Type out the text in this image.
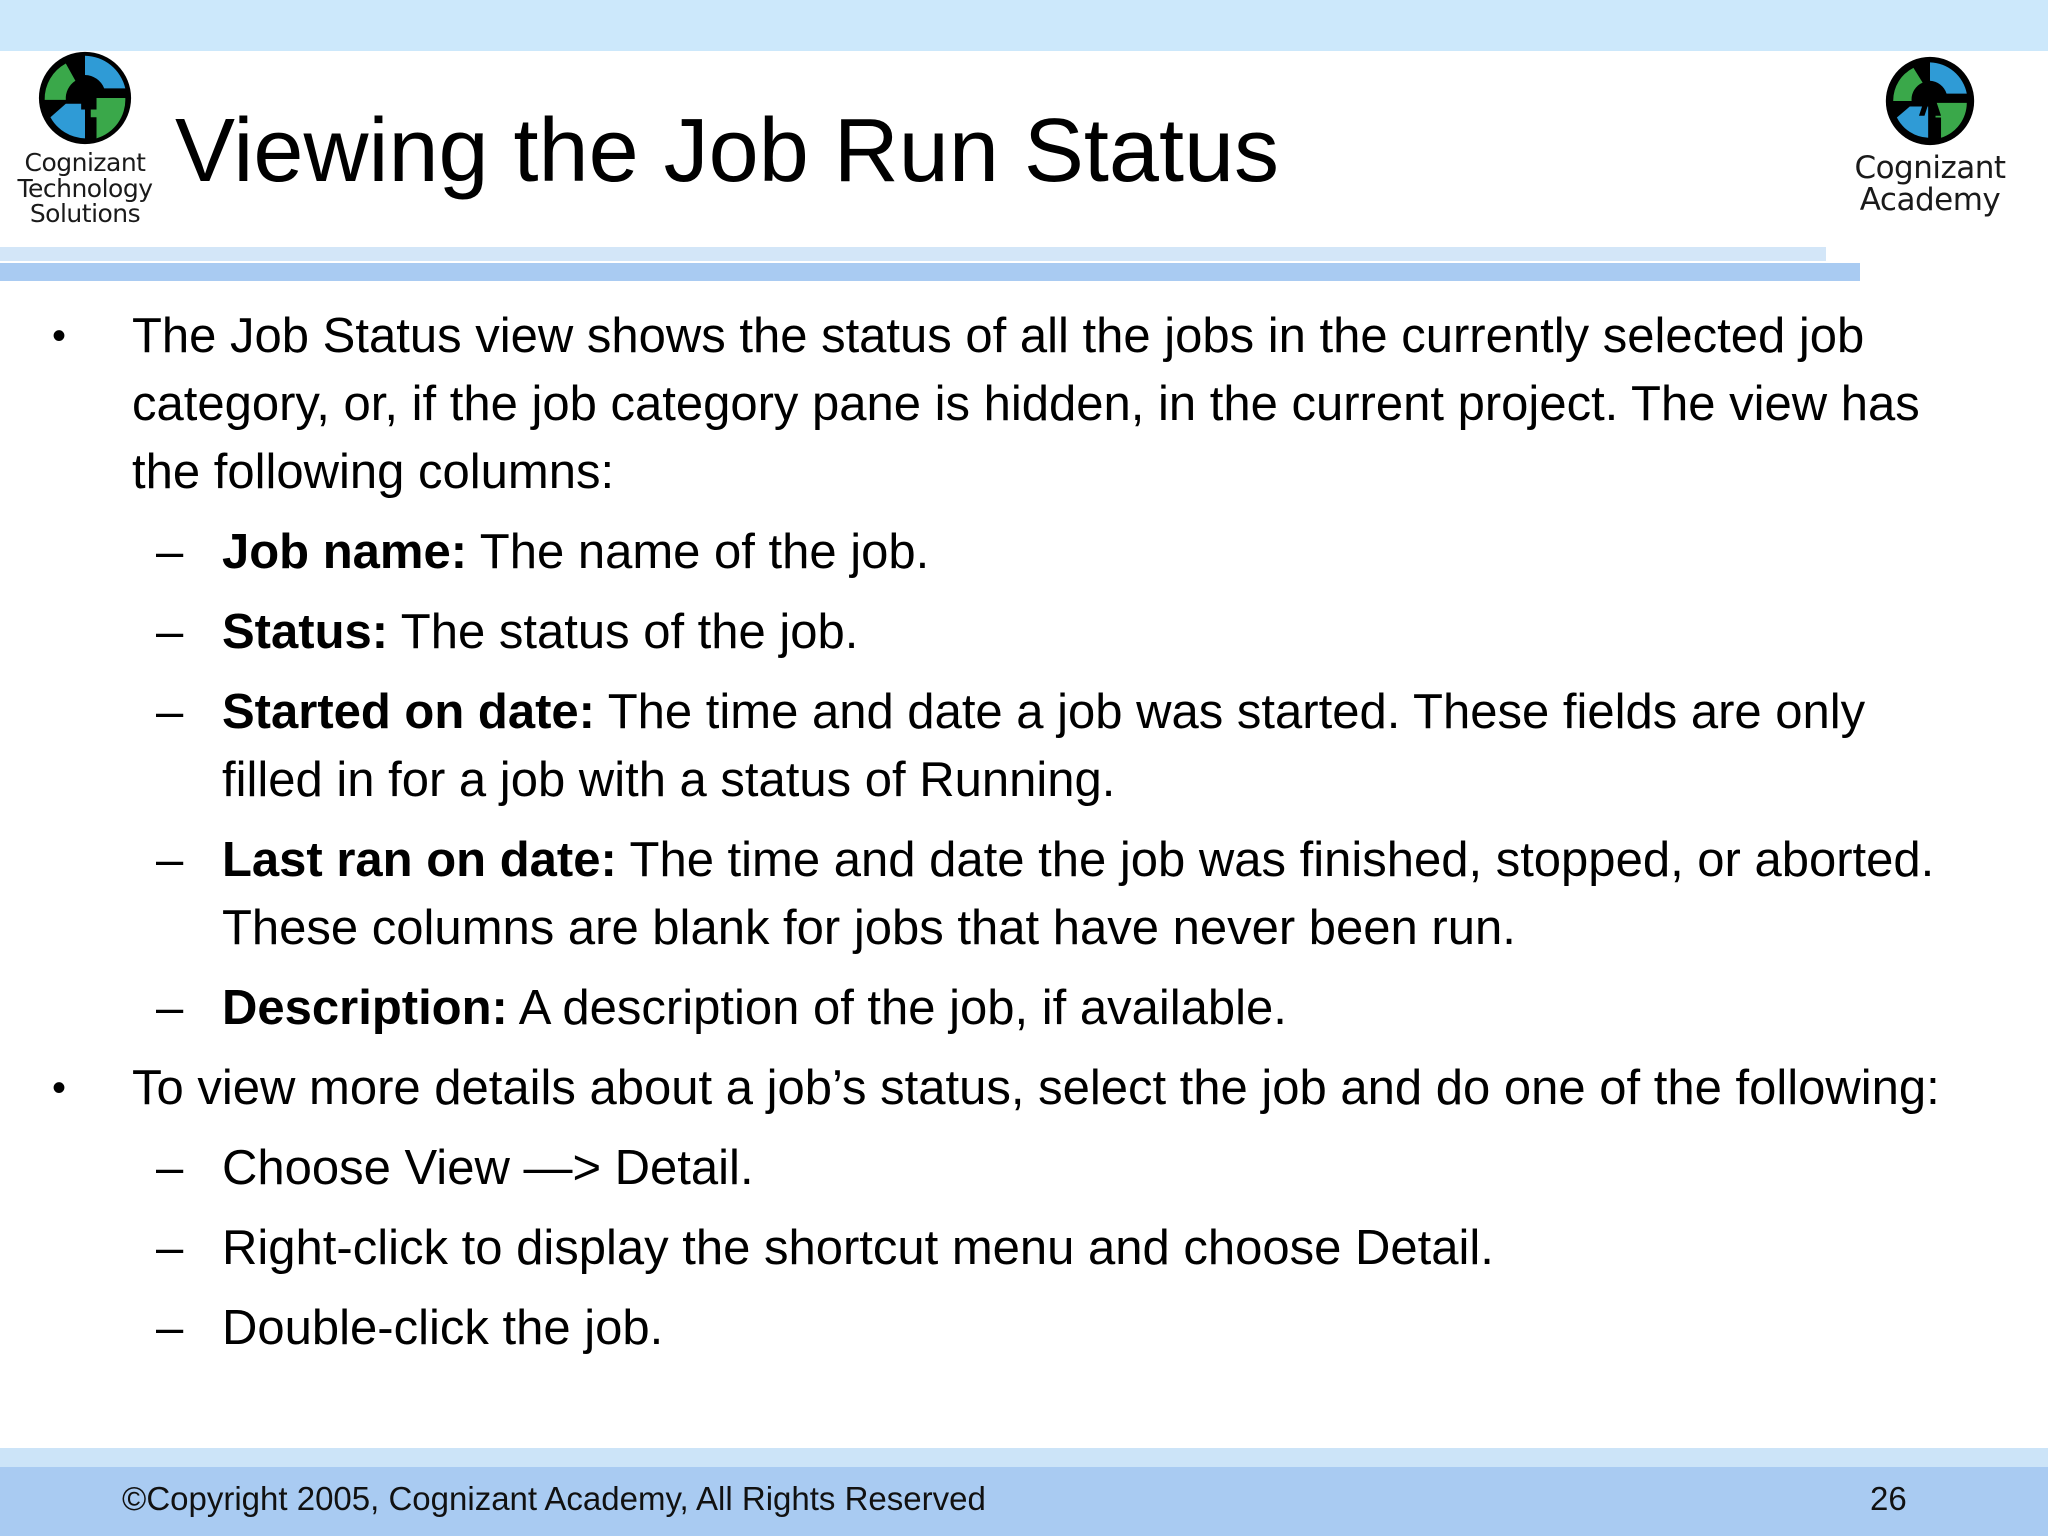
Cognizant
Technology
Solutions
Viewing the Job Run Status	Cognizant
Academy
• The Job Status view shows the status of all the jobs in the currently selected job category, or, if the job category pane is hidden, in the current project. The view has the following columns:
– Job name: The name of the job.
– Status: The status of the job.
– Started on date: The time and date a job was started. These fields are only filled in for a job with a status of Running.
– Last ran on date: The time and date the job was finished, stopped, or aborted.  These columns are blank for jobs that have never been run.
– Description: A description of the job, if available.
• To view more details about a job’s status, select the job and do one of the following:
– Choose View —> Detail.
– Right-click to display the shortcut menu and choose Detail.
– Double-click the job.
©Copyright 2005, Cognizant Academy, All Rights Reserved	26
